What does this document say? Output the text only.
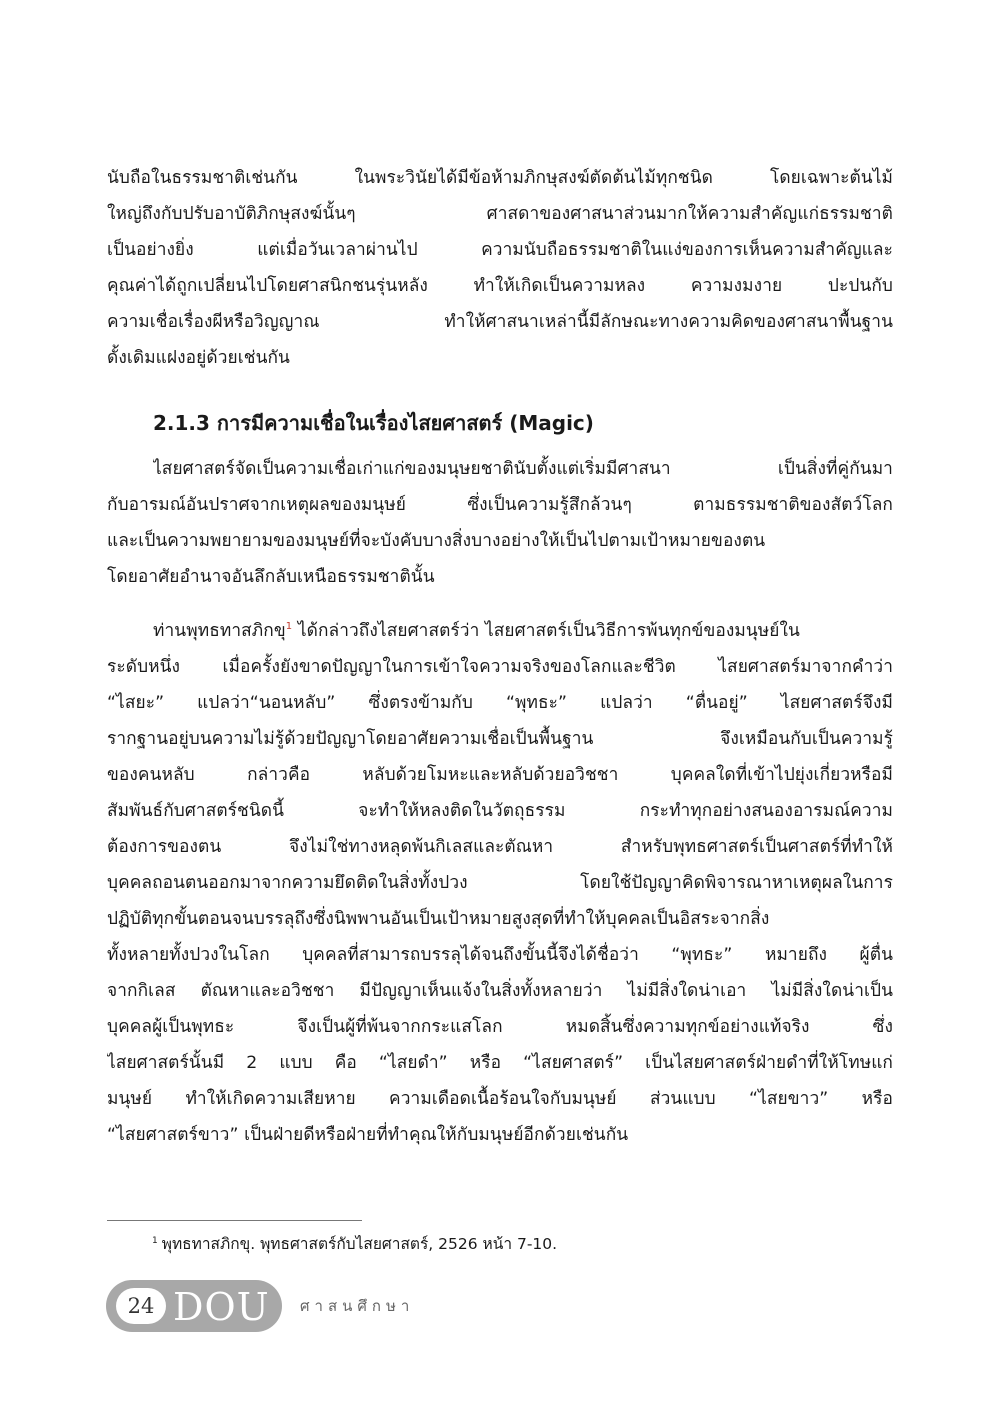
นับถือในธรรมชาติเช่นกัน ในพระวินัยได้มีข้อห้ามภิกษุสงฆ์ตัดต้นไม้ทุกชนิด โดยเฉพาะต้นไม้
ใหญ่ถึงกับปรับอาบัติภิกษุสงฆ์นั้นๆ ศาสดาของศาสนาส่วนมากให้ความสำคัญแก่ธรรมชาติ
เป็นอย่างยิ่ง แต่เมื่อวันเวลาผ่านไป ความนับถือธรรมชาติในแง่ของการเห็นความสำคัญและ
คุณค่าได้ถูกเปลี่ยนไปโดยศาสนิกชนรุ่นหลัง ทำให้เกิดเป็นความหลง ความงมงาย ปะปนกับ
ความเชื่อเรื่องผีหรือวิญญาณ ทำให้ศาสนาเหล่านี้มีลักษณะทางความคิดของศาสนาพื้นฐาน
ดั้งเดิมแฝงอยู่ด้วยเช่นกัน
2.1.3 การมีความเชื่อในเรื่องไสยศาสตร์ (Magic)
ไสยศาสตร์จัดเป็นความเชื่อเก่าแก่ของมนุษยชาตินับตั้งแต่เริ่มมีศาสนา เป็นสิ่งที่คู่กันมา
กับอารมณ์อันปราศจากเหตุผลของมนุษย์ ซึ่งเป็นความรู้สึกล้วนๆ ตามธรรมชาติของสัตว์โลก
และเป็นความพยายามของมนุษย์ที่จะบังคับบางสิ่งบางอย่างให้เป็นไปตามเป้าหมายของตน
โดยอาศัยอำนาจอันลึกลับเหนือธรรมชาตินั้น
ท่านพุทธทาสภิกขุ$^1$ ได้กล่าวถึงไสยศาสตร์ว่า ไสยศาสตร์เป็นวิธีการพ้นทุกข์ของมนุษย์ใน
ระดับหนึ่ง เมื่อครั้งยังขาดปัญญาในการเข้าใจความจริงของโลกและชีวิต ไสยศาสตร์มาจากคำว่า
“ไสยะ” แปลว่า“นอนหลับ” ซึ่งตรงข้ามกับ “พุทธะ” แปลว่า “ตื่นอยู่” ไสยศาสตร์จึงมี
รากฐานอยู่บนความไม่รู้ด้วยปัญญาโดยอาศัยความเชื่อเป็นพื้นฐาน จึงเหมือนกับเป็นความรู้
ของคนหลับ กล่าวคือ หลับด้วยโมหะและหลับด้วยอวิชชา บุคคลใดที่เข้าไปยุ่งเกี่ยวหรือมี
สัมพันธ์กับศาสตร์ชนิดนี้ จะทำให้หลงติดในวัตถุธรรม กระทำทุกอย่างสนองอารมณ์ความ
ต้องการของตน จึงไม่ใช่ทางหลุดพ้นกิเลสและตัณหา สำหรับพุทธศาสตร์เป็นศาสตร์ที่ทำให้
บุคคลถอนตนออกมาจากความยึดติดในสิ่งทั้งปวง โดยใช้ปัญญาคิดพิจารณาหาเหตุผลในการ
ปฏิบัติทุกขั้นตอนจนบรรลุถึงซึ่งนิพพานอันเป็นเป้าหมายสูงสุดที่ทำให้บุคคลเป็นอิสระจากสิ่ง
ทั้งหลายทั้งปวงในโลก บุคคลที่สามารถบรรลุได้จนถึงขั้นนี้จึงได้ชื่อว่า “พุทธะ” หมายถึง ผู้ตื่น
จากกิเลส ตัณหาและอวิชชา มีปัญญาเห็นแจ้งในสิ่งทั้งหลายว่า ไม่มีสิ่งใดน่าเอา ไม่มีสิ่งใดน่าเป็น
บุคคลผู้เป็นพุทธะ จึงเป็นผู้ที่พ้นจากกระแสโลก หมดสิ้นซึ่งความทุกข์อย่างแท้จริง ซึ่ง
ไสยศาสตร์นั้นมี 2 แบบ คือ “ไสยดำ” หรือ “ไสยศาสตร์” เป็นไสยศาสตร์ฝ่ายดำที่ให้โทษแก่
มนุษย์ ทำให้เกิดความเสียหาย ความเดือดเนื้อร้อนใจกับมนุษย์ ส่วนแบบ “ไสยขาว” หรือ
“ไสยศาสตร์ขาว” เป็นฝ่ายดีหรือฝ่ายที่ทำคุณให้กับมนุษย์อีกด้วยเช่นกัน
$^1$ พุทธทาสภิกขุ. พุทธศาสตร์กับไสยศาสตร์, 2526 หน้า 7-10.
24 DOU ศาสนศึกษา
